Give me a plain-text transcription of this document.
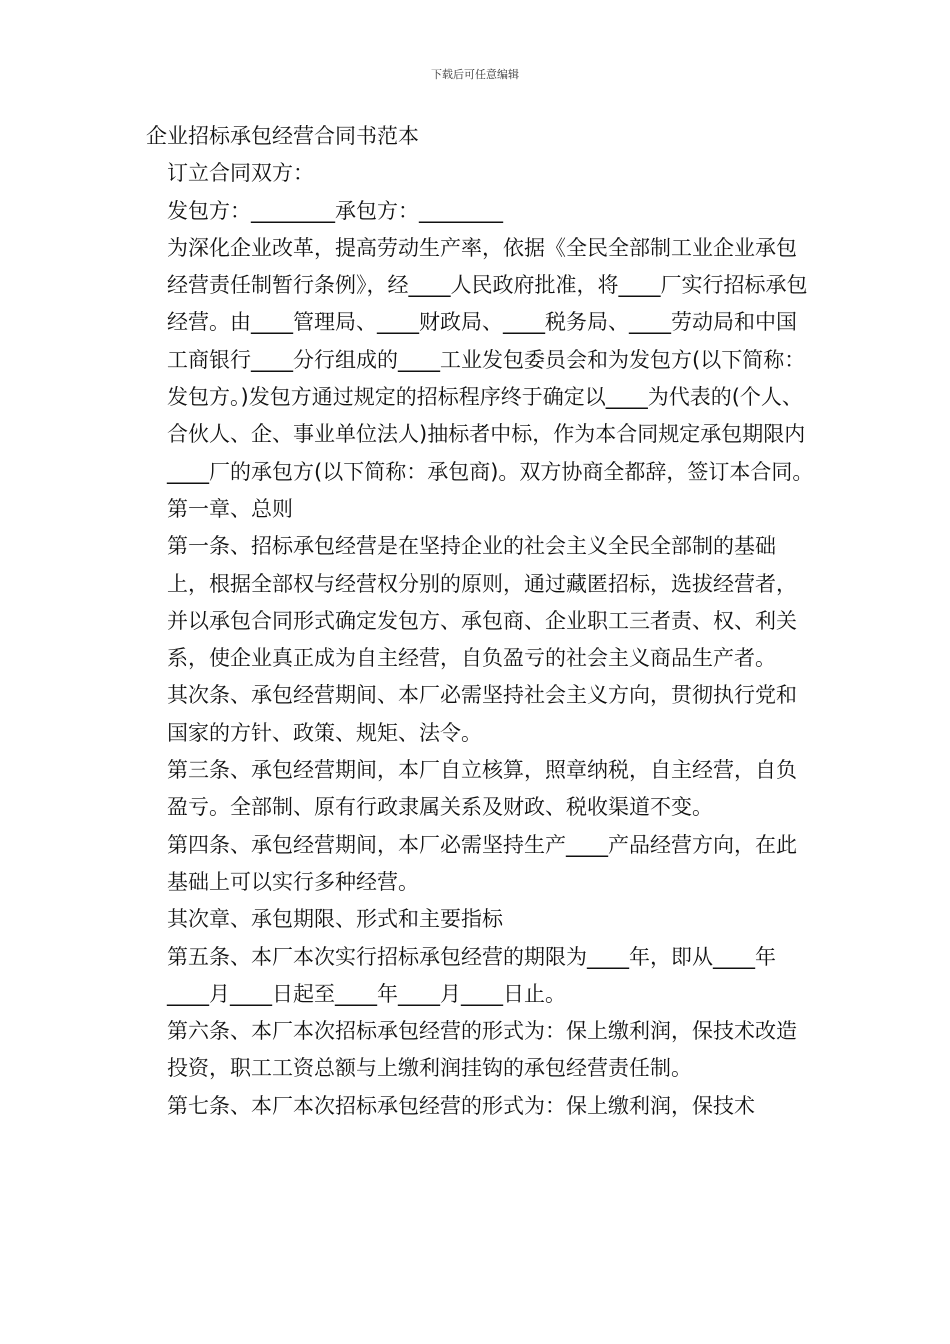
下载后可任意编辑

企业招标承包经营合同书范本

订立合同双方：

发包方：________承包方：________

为深化企业改革，提高劳动生产率，依据《全民全部制工业企业承包经营责任制暂行条例》，经____人民政府批准，将____厂实行招标承包经营。由____管理局、____财政局、____税务局、____劳动局和中国工商银行____分行组成的____工业发包委员会和为发包方(以下简称：发包方。)发包方通过规定的招标程序终于确定以____为代表的(个人、合伙人、企、事业单位法人)抽标者中标，作为本合同规定承包期限内____厂的承包方(以下简称：承包商)。双方协商全都辞，签订本合同。

第一章、总则

第一条、招标承包经营是在坚持企业的社会主义全民全部制的基础上，根据全部权与经营权分别的原则，通过藏匿招标，选拔经营者，并以承包合同形式确定发包方、承包商、企业职工三者责、权、利关系，使企业真正成为自主经营，自负盈亏的社会主义商品生产者。

其次条、承包经营期间、本厂必需坚持社会主义方向，贯彻执行党和国家的方针、政策、规矩、法令。

第三条、承包经营期间，本厂自立核算，照章纳税，自主经营，自负盈亏。全部制、原有行政隶属关系及财政、税收渠道不变。

第四条、承包经营期间，本厂必需坚持生产____产品经营方向，在此基础上可以实行多种经营。

其次章、承包期限、形式和主要指标

第五条、本厂本次实行招标承包经营的期限为____年，即从____年____月____日起至____年____月____日止。

第六条、本厂本次招标承包经营的形式为：保上缴利润，保技术改造投资，职工工资总额与上缴利润挂钩的承包经营责任制。

第七条、本厂本次招标承包经营的形式为：保上缴利润，保技术
